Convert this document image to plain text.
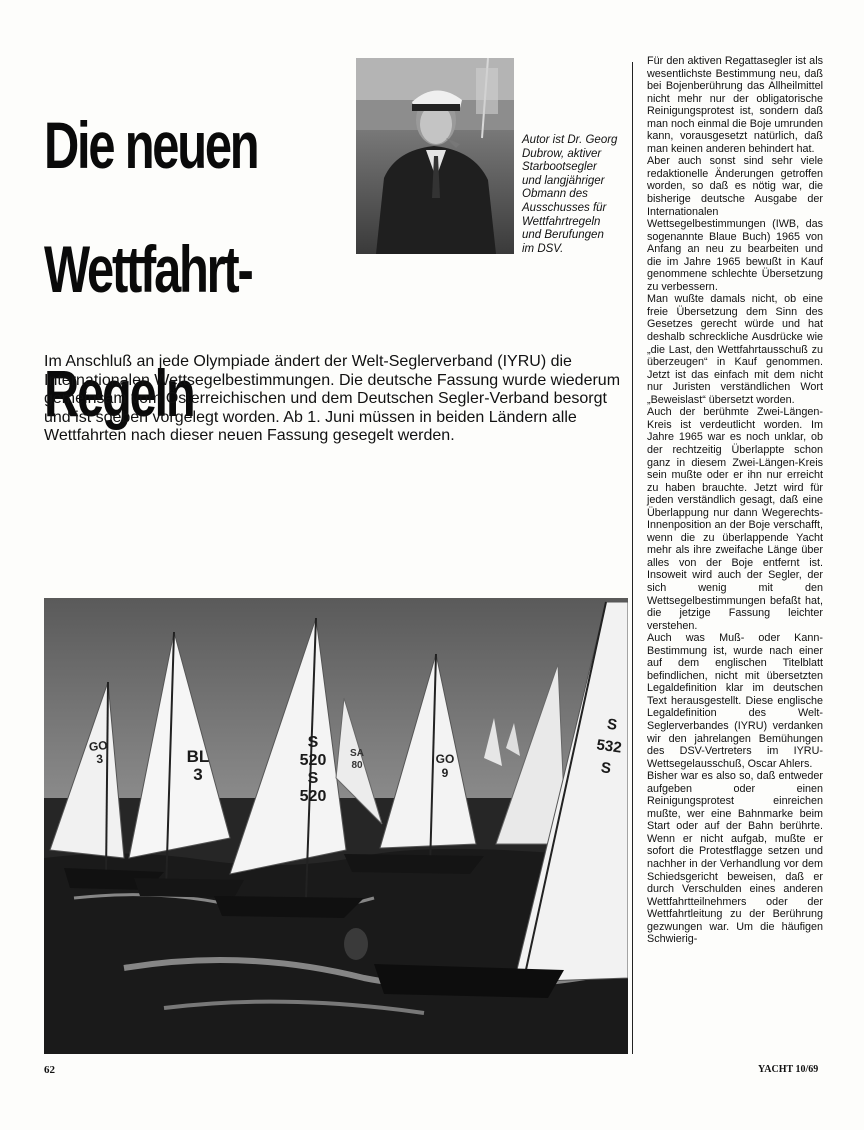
Die neuen

Wettfahrt-

Regeln

Autor ist Dr. Georg Dubrow, aktiver Starbootsegler und langjähriger Obmann des Ausschusses für Wettfahrtregeln und Berufungen im DSV.

Im Anschluß an jede Olympiade ändert der Welt-Seglerverband (IYRU) die Internationalen Wettsegelbestimmungen. Die deutsche Fassung wurde wiederum gemeinsam vom Österreichischen und dem Deutschen Segler-Verband besorgt und ist soeben vorgelegt worden. Ab 1. Juni müssen in beiden Ländern alle Wettfahrten nach dieser neuen Fassung gesegelt werden.

Für den aktiven Regattasegler ist als wesentlichste Bestimmung neu, daß bei Bojenberührung das Allheilmittel nicht mehr nur der obligatorische Reinigungsprotest ist, sondern daß man noch einmal die Boje umrunden kann, vorausgesetzt natürlich, daß man keinen anderen behindert hat.

Aber auch sonst sind sehr viele redaktionelle Änderungen getroffen worden, so daß es nötig war, die bisherige deutsche Ausgabe der Internationalen Wettsegelbestimmungen (IWB, das sogenannte Blaue Buch) 1965 von Anfang an neu zu bearbeiten und die im Jahre 1965 bewußt in Kauf genommene schlechte Übersetzung zu verbessern.

Man wußte damals nicht, ob eine freie Übersetzung dem Sinn des Gesetzes gerecht würde und hat deshalb schreckliche Ausdrücke wie „die Last, den Wettfahrtausschuß zu überzeugen“ in Kauf genommen. Jetzt ist das einfach mit dem nicht nur Juristen verständlichen Wort „Beweislast“ übersetzt worden.

Auch der berühmte Zwei-Längen-Kreis ist verdeutlicht worden. Im Jahre 1965 war es noch unklar, ob der rechtzeitig Überlappte schon ganz in diesem Zwei-Längen-Kreis sein mußte oder er ihn nur erreicht zu haben brauchte. Jetzt wird für jeden verständlich gesagt, daß eine Überlappung nur dann Wegerechts-Innenposition an der Boje verschafft, wenn die zu überlappende Yacht mehr als ihre zweifache Länge über alles von der Boje entfernt ist. Insoweit wird auch der Segler, der sich wenig mit den Wettsegelbestimmungen befaßt hat, die jetzige Fassung leichter verstehen.

Auch was Muß- oder Kann-Bestimmung ist, wurde nach einer auf dem englischen Titelblatt befindlichen, nicht mit übersetzten Legaldefinition klar im deutschen Text herausgestellt. Diese englische Legaldefinition des Welt-Seglerverbandes (IYRU) verdanken wir den jahrelangen Bemühungen des DSV-Vertreters im IYRU-Wettsegelausschuß, Oscar Ahlers.

Bisher war es also so, daß entweder aufgeben oder einen Reinigungsprotest einreichen mußte, wer eine Bahnmarke beim Start oder auf der Bahn berührte. Wenn er nicht aufgab, mußte er sofort die Protestflagge setzen und nachher in der Verhandlung vor dem Schiedsgericht beweisen, daß er durch Verschulden eines anderen Wettfahrtteilnehmers oder der Wettfahrtleitung zu der Berührung gezwungen war. Um die häufigen Schwierig-

GO
3	BL
3
S
520
S
520
SA
80	GO
9
S
532
S
62	YACHT 10/69
